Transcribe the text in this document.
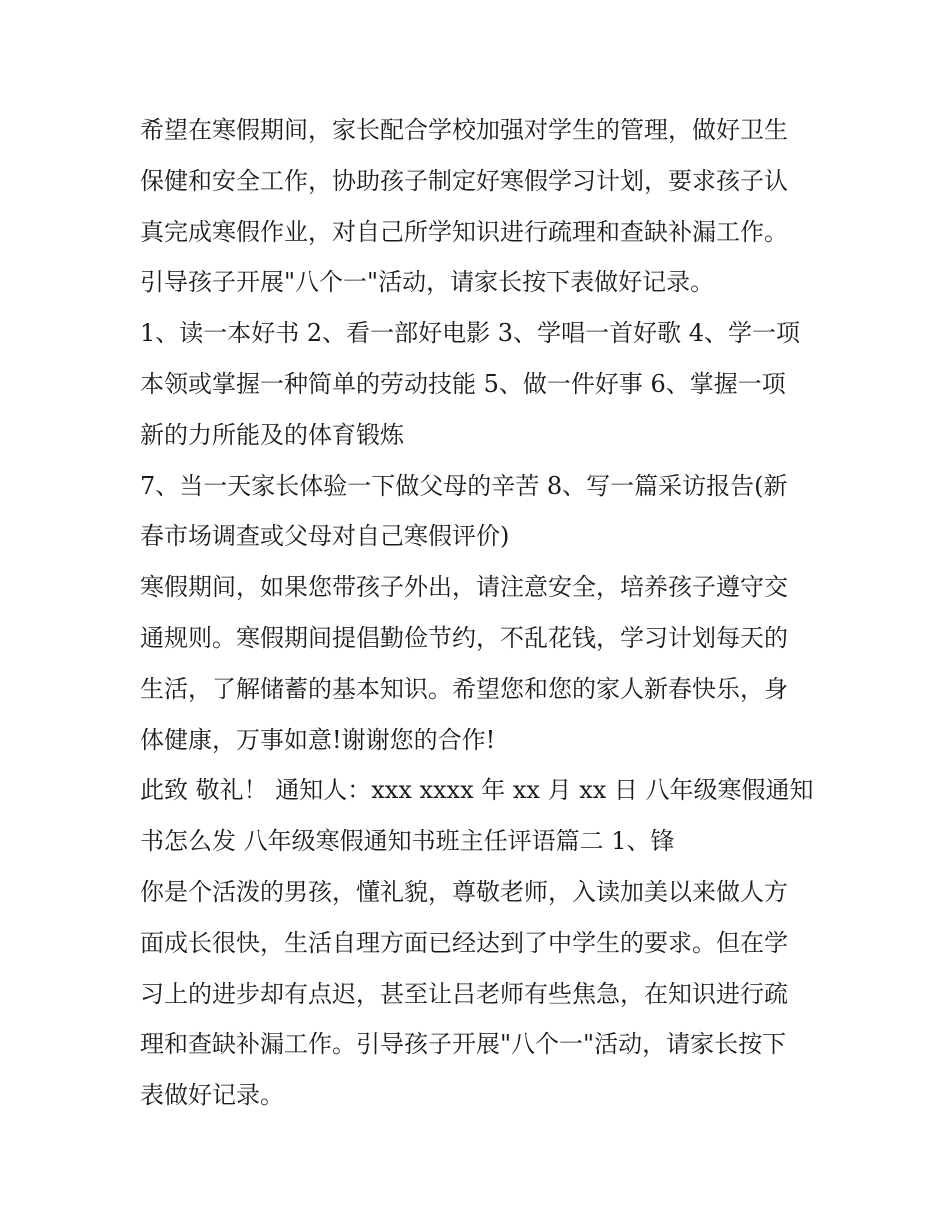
希望在寒假期间，家长配合学校加强对学生的管理，做好卫生
保健和安全工作，协助孩子制定好寒假学习计划，要求孩子认
真完成寒假作业，对自己所学知识进行疏理和查缺补漏工作。
引导孩子开展"八个一"活动，请家长按下表做好记录。
1、读一本好书 2、看一部好电影 3、学唱一首好歌 4、学一项
本领或掌握一种简单的劳动技能 5、做一件好事 6、掌握一项
新的力所能及的体育锻炼
7、当一天家长体验一下做父母的辛苦 8、写一篇采访报告(新
春市场调查或父母对自己寒假评价)
寒假期间，如果您带孩子外出，请注意安全，培养孩子遵守交
通规则。寒假期间提倡勤俭节约，不乱花钱，学习计划每天的
生活，了解储蓄的基本知识。希望您和您的家人新春快乐，身
体健康，万事如意!谢谢您的合作!
此致 敬礼！ 通知人：xxx xxxx 年 xx 月 xx 日 八年级寒假通知
书怎么发 八年级寒假通知书班主任评语篇二 1、锋
你是个活泼的男孩，懂礼貌，尊敬老师，入读加美以来做人方
面成长很快，生活自理方面已经达到了中学生的要求。但在学
习上的进步却有点迟，甚至让吕老师有些焦急，在知识进行疏
理和查缺补漏工作。引导孩子开展"八个一"活动，请家长按下
表做好记录。
